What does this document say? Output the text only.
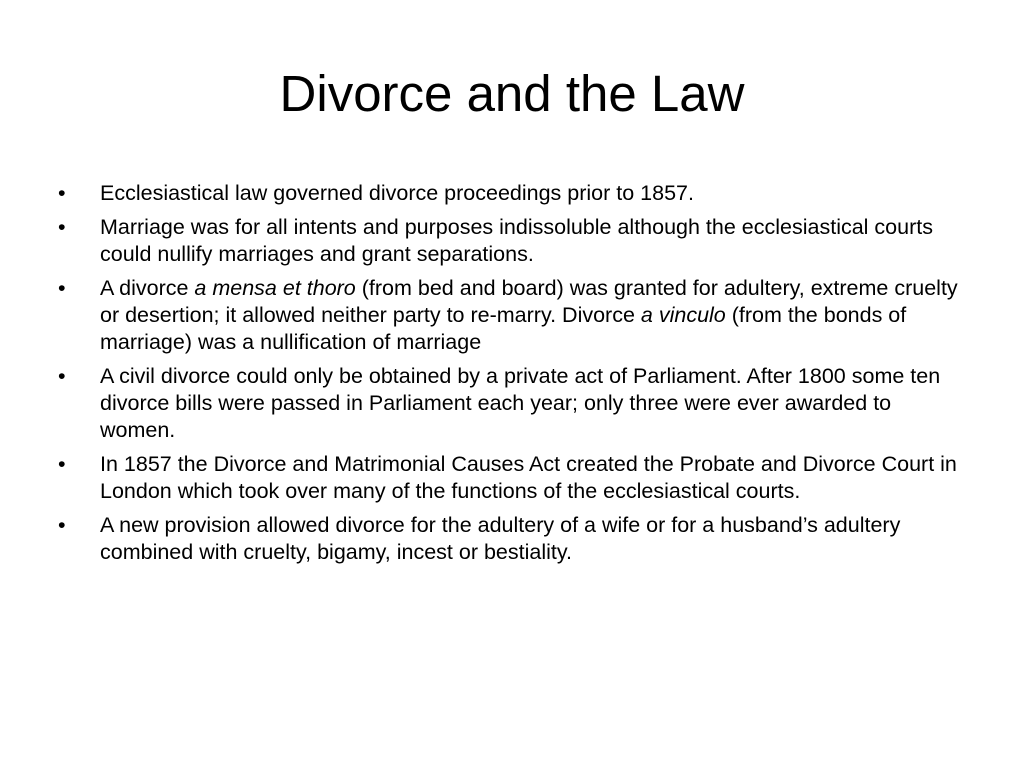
Divorce and the Law
•	Ecclesiastical law governed divorce proceedings prior to 1857.
•	Marriage was for all intents and purposes indissoluble although the ecclesiastical courts could nullify marriages and grant separations.
•	A divorce a mensa et thoro (from bed and board) was granted for adultery, extreme cruelty or desertion; it allowed neither party to re-marry. Divorce a vinculo (from the bonds of marriage) was a nullification of marriage
•	A civil divorce could only be obtained by a private act of Parliament. After 1800 some ten divorce bills were passed in Parliament each year; only three were ever awarded to women.
•	In 1857 the Divorce and Matrimonial Causes Act created the Probate and Divorce Court in London which took over many of the functions of the ecclesiastical courts.
•	A new provision allowed divorce for the adultery of a wife or for a husband’s adultery combined with cruelty, bigamy, incest or bestiality.
